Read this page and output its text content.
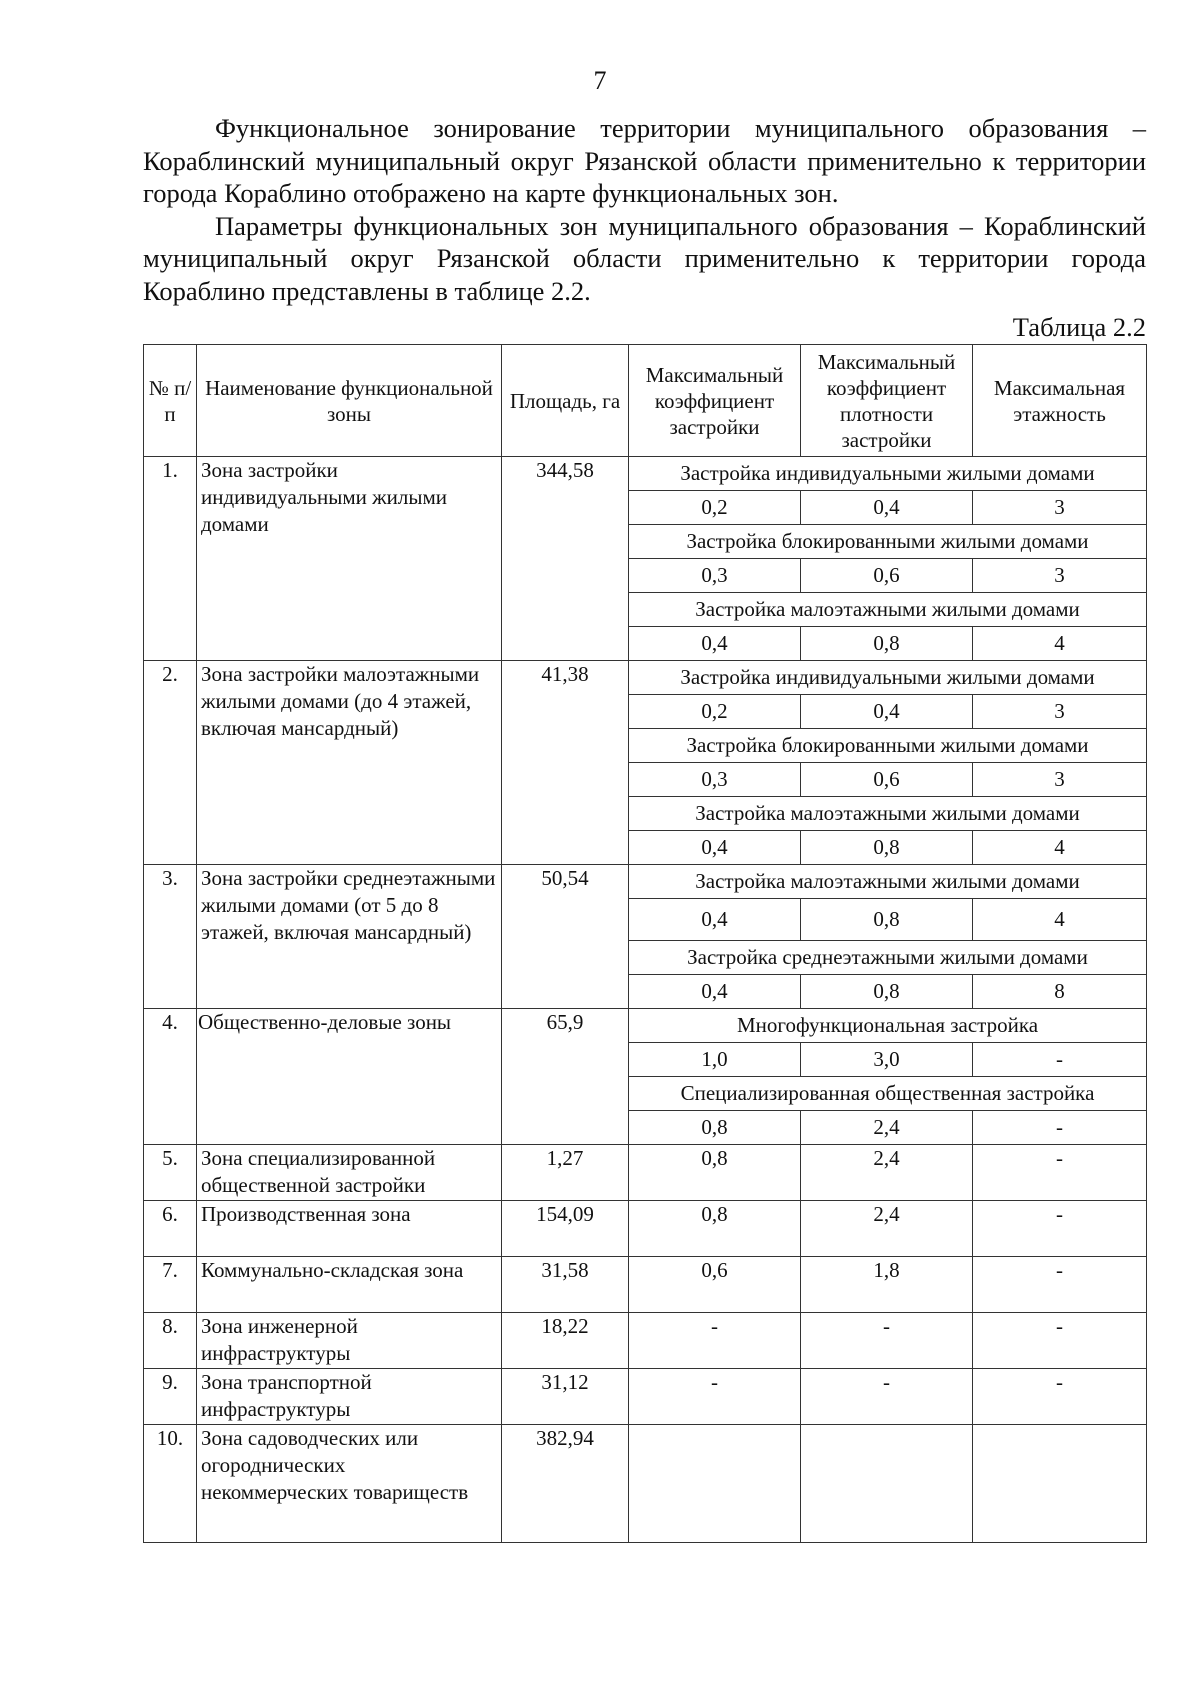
7

Функциональное зонирование территории муниципального образования – Кораблинский муниципальный округ Рязанской области применительно к территории города Кораблино отображено на карте функциональных зон.

Параметры функциональных зон муниципального образования – Кораблинский муниципальный округ Рязанской области применительно к территории города Кораблино представлены в таблице 2.2.

Таблица 2.2
№ п/п	Наименование функциональной зоны	Площадь, га	Максимальный коэффициент застройки	Максимальный коэффициент плотности застройки	Максимальная этажность
1.	Зона застройки индивидуальными жилыми домами	344,58	Застройка индивидуальными жилыми домами		
			0,2	0,4	3
			Застройка блокированными жилыми домами		
			0,3	0,6	3
			Застройка малоэтажными жилыми домами		
			0,4	0,8	4
2.	Зона застройки малоэтажными жилыми домами (до 4 этажей, включая мансардный)	41,38	Застройка индивидуальными жилыми домами		
			0,2	0,4	3
			Застройка блокированными жилыми домами		
			0,3	0,6	3
			Застройка малоэтажными жилыми домами		
			0,4	0,8	4
3.	Зона застройки среднеэтажными жилыми домами (от 5 до 8 этажей, включая мансардный)	50,54	Застройка малоэтажными жилыми домами		
			0,4	0,8	4
			Застройка среднеэтажными жилыми домами		
			0,4	0,8	8
4.	Общественно-деловые зоны	65,9	Многофункциональная застройка		
			1,0	3,0	-
			Специализированная общественная застройка		
			0,8	2,4	-
5.	Зона специализированной общественной застройки	1,27	0,8	2,4	-
6.	Производственная зона	154,09	0,8	2,4	-
7.	Коммунально-складская зона	31,58	0,6	1,8	-
8.	Зона инженерной инфраструктуры	18,22	-	-	-
9.	Зона транспортной инфраструктуры	31,12	-	-	-
10.	Зона садоводческих или огороднических некоммерческих товариществ	382,94			
